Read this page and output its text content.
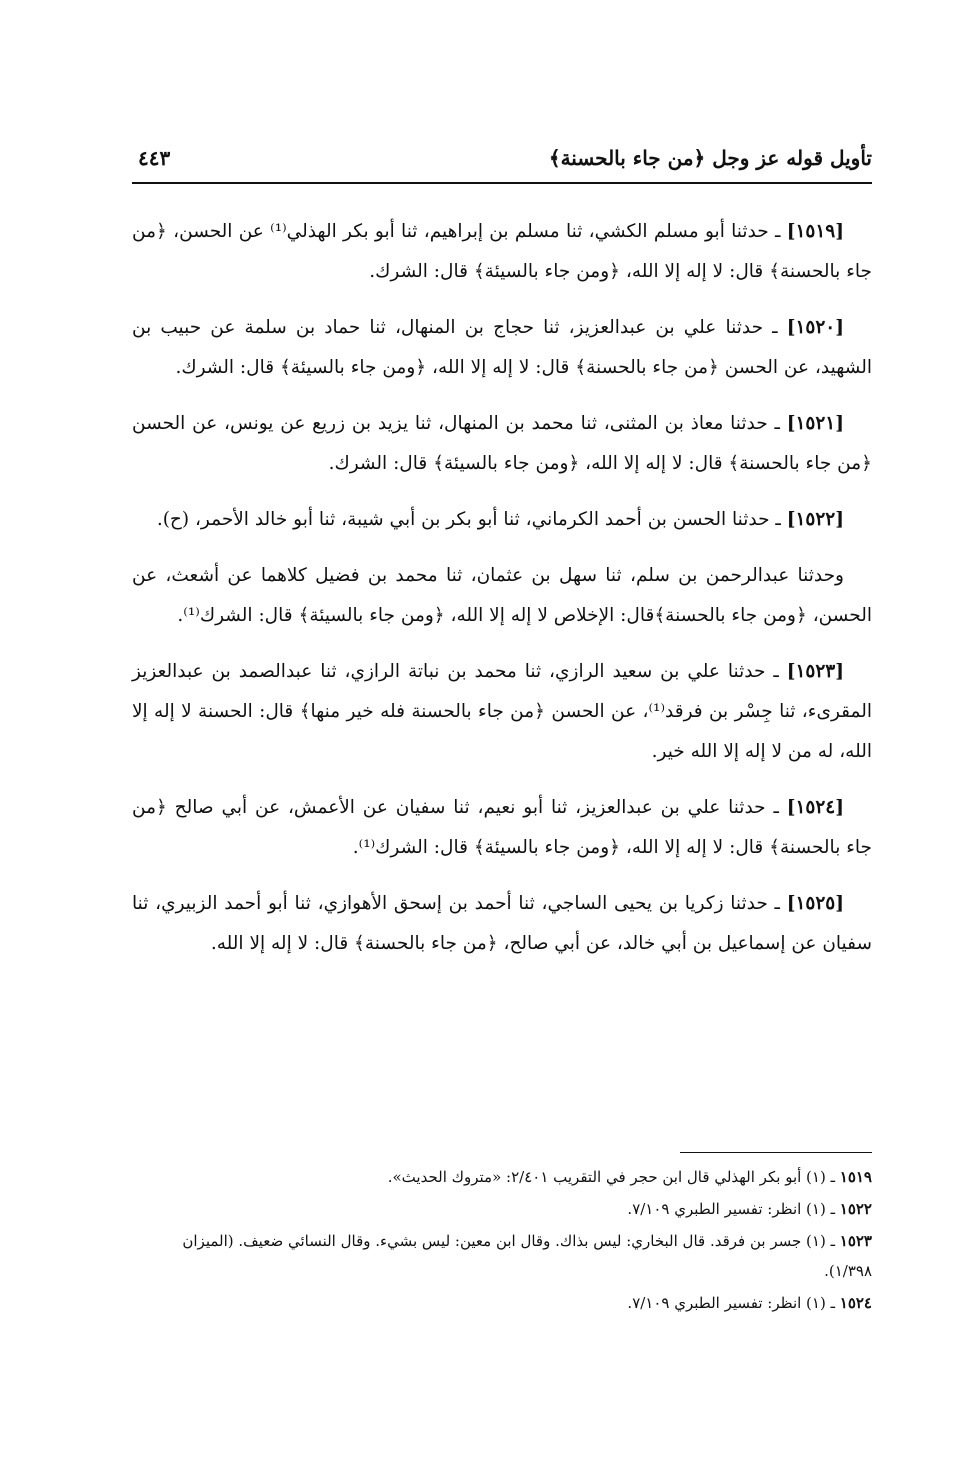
تأويل قوله عز وجل ﴿من جاء بالحسنة﴾
٤٤٣

[١٥١٩] ـ حدثنا أبو مسلم الكشي، ثنا مسلم بن إبراهيم، ثنا أبو بكر الهذلي⁽¹⁾ عن الحسن، ﴿من جاء بالحسنة﴾ قال: لا إله إلا الله، ﴿ومن جاء بالسيئة﴾ قال: الشرك.

[١٥٢٠] ـ حدثنا علي بن عبدالعزيز، ثنا حجاج بن المنهال، ثنا حماد بن سلمة عن حبيب بن الشهيد، عن الحسن ﴿من جاء بالحسنة﴾ قال: لا إله إلا الله، ﴿ومن جاء بالسيئة﴾ قال: الشرك.

[١٥٢١] ـ حدثنا معاذ بن المثنى، ثنا محمد بن المنهال، ثنا يزيد بن زريع عن يونس، عن الحسن ﴿من جاء بالحسنة﴾ قال: لا إله إلا الله، ﴿ومن جاء بالسيئة﴾ قال: الشرك.

[١٥٢٢] ـ حدثنا الحسن بن أحمد الكرماني، ثنا أبو بكر بن أبي شيبة، ثنا أبو خالد الأحمر، (ح).

وحدثنا عبدالرحمن بن سلم، ثنا سهل بن عثمان، ثنا محمد بن فضيل كلاهما عن أشعث، عن الحسن، ﴿ومن جاء بالحسنة﴾قال: الإخلاص لا إله إلا الله، ﴿ومن جاء بالسيئة﴾ قال: الشرك⁽¹⁾.

[١٥٢٣] ـ حدثنا علي بن سعيد الرازي، ثنا محمد بن نباتة الرازي، ثنا عبدالصمد بن عبدالعزيز المقرىء، ثنا جِسْر بن فرقد⁽¹⁾، عن الحسن ﴿من جاء بالحسنة فله خير منها﴾ قال: الحسنة لا إله إلا الله، له من لا إله إلا الله خير.

[١٥٢٤] ـ حدثنا علي بن عبدالعزيز، ثنا أبو نعيم، ثنا سفيان عن الأعمش، عن أبي صالح ﴿من جاء بالحسنة﴾ قال: لا إله إلا الله، ﴿ومن جاء بالسيئة﴾ قال: الشرك⁽¹⁾.

[١٥٢٥] ـ حدثنا زكريا بن يحيى الساجي، ثنا أحمد بن إسحق الأهوازي، ثنا أبو أحمد الزبيري، ثنا سفيان عن إسماعيل بن أبي خالد، عن أبي صالح، ﴿من جاء بالحسنة﴾ قال: لا إله إلا الله.

١٥١٩ ـ (١) أبو بكر الهذلي قال ابن حجر في التقريب ٢/٤٠١: «متروك الحديث».

١٥٢٢ ـ (١) انظر: تفسير الطبري ٧/١٠٩.

١٥٢٣ ـ (١) جسر بن فرقد. قال البخاري: ليس بذاك. وقال ابن معين: ليس بشيء. وقال النسائي ضعيف. (الميزان ١/٣٩٨).

١٥٢٤ ـ (١) انظر: تفسير الطبري ٧/١٠٩.
